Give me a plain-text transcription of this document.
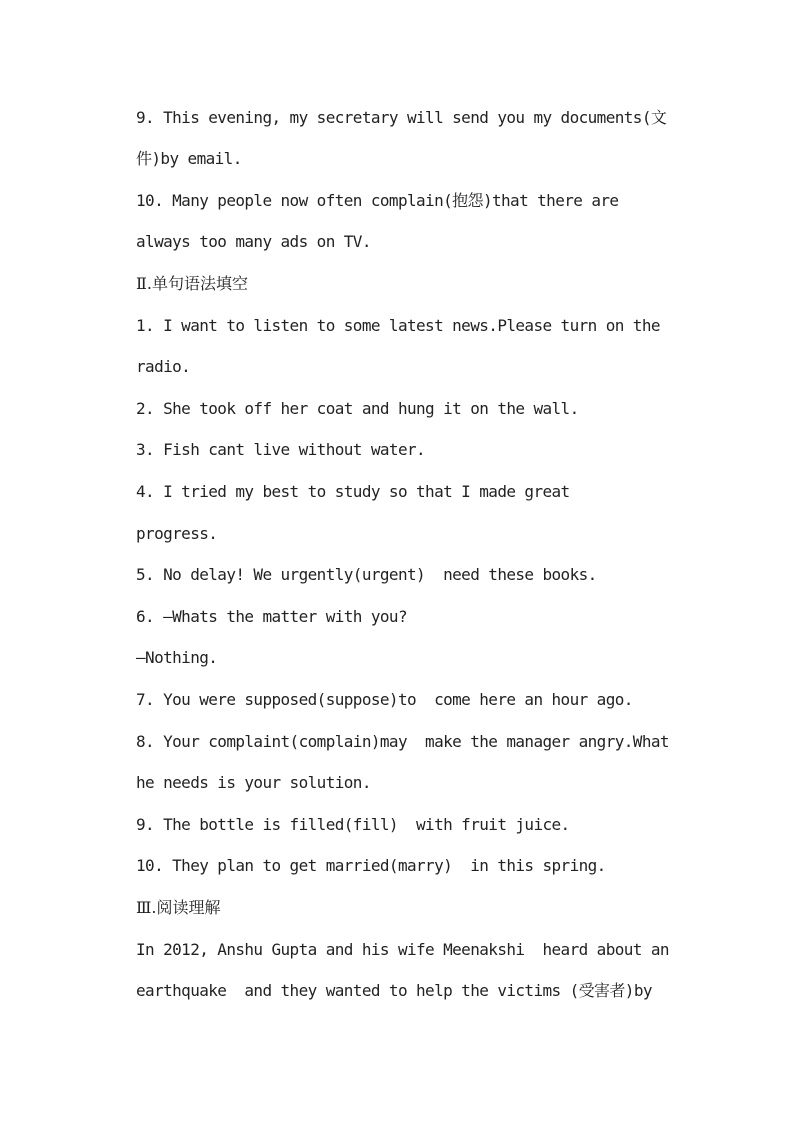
9. This evening, my secretary will send you my documents(文
件)by email.
10. Many people now often complain(抱怨)that there are
always too many ads on TV.
Ⅱ.单句语法填空
1. I want to listen to some latest news.Please turn on the
radio.
2. She took off her coat and hung it on the wall.
3. Fish cant live without water.
4. I tried my best to study so that I made great
progress.
5. No delay! We urgently(urgent)  need these books.
6. —Whats the matter with you?
—Nothing.
7. You were supposed(suppose)to  come here an hour ago.
8. Your complaint(complain)may  make the manager angry.What
he needs is your solution.
9. The bottle is filled(fill)  with fruit juice.
10. They plan to get married(marry)  in this spring.
Ⅲ.阅读理解
In 2012, Anshu Gupta and his wife Meenakshi  heard about an
earthquake  and they wanted to help the victims (受害者)by
